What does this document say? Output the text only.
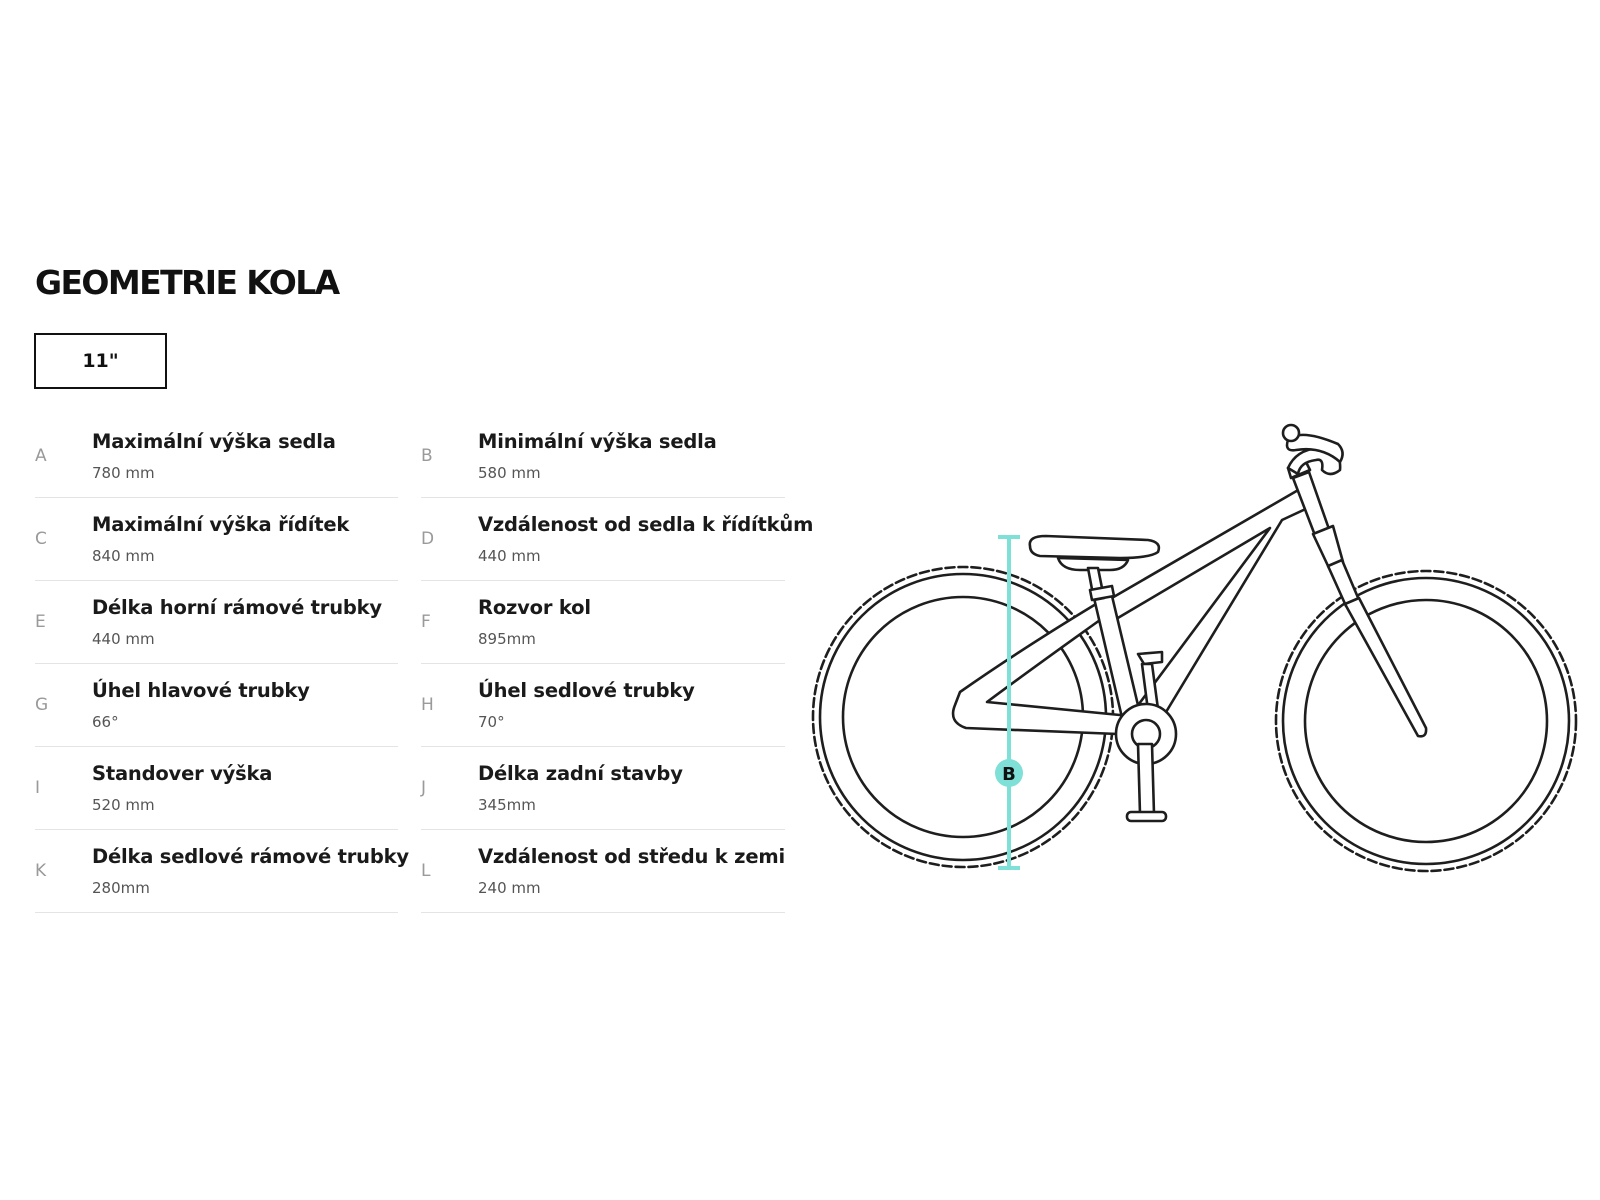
GEOMETRIE KOLA
11"
A
Maximální výška sedla
780 mm
C
Maximální výška řídítek
840 mm
E
Délka horní rámové trubky
440 mm
G
Úhel hlavové trubky
66°
I
Standover výška
520 mm
K
Délka sedlové rámové trubky
280mm
B
Minimální výška sedla
580 mm
D
Vzdálenost od sedla k řídítkům
440 mm
F
Rozvor kol
895mm
H
Úhel sedlové trubky
70°
J
Délka zadní stavby
345mm
L
Vzdálenost od středu k zemi
240 mm
B
